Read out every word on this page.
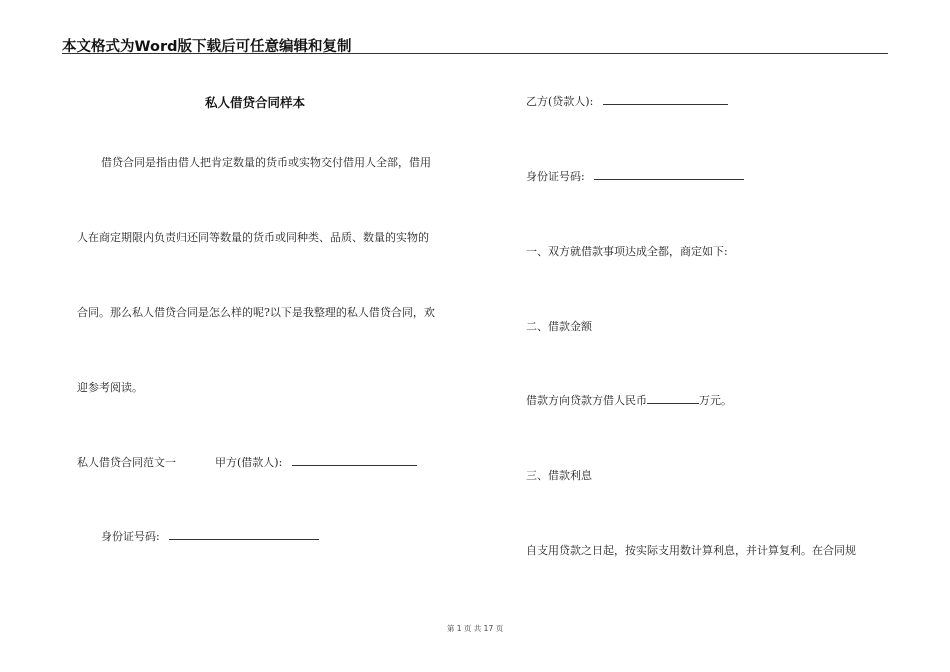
本文格式为Word版下载后可任意编辑和复制
私人借贷合同样本
借贷合同是指由借人把肯定数量的货币或实物交付借用人全部，借用
人在商定期限内负责归还同等数量的货币或同种类、品质、数量的实物的
合同。那么私人借贷合同是怎么样的呢?以下是我整理的私人借贷合同，欢
迎参考阅读。
私人借贷合同范文一	甲方(借款人):
身份证号码:
乙方(贷款人):
身份证号码:
一、双方就借款事项达成全都，商定如下:
二、借款金额
借款方向贷款方借人民币	万元。
三、借款利息
自支用贷款之日起，按实际支用数计算利息，并计算复利。在合同规
第 1 页 共 17 页
